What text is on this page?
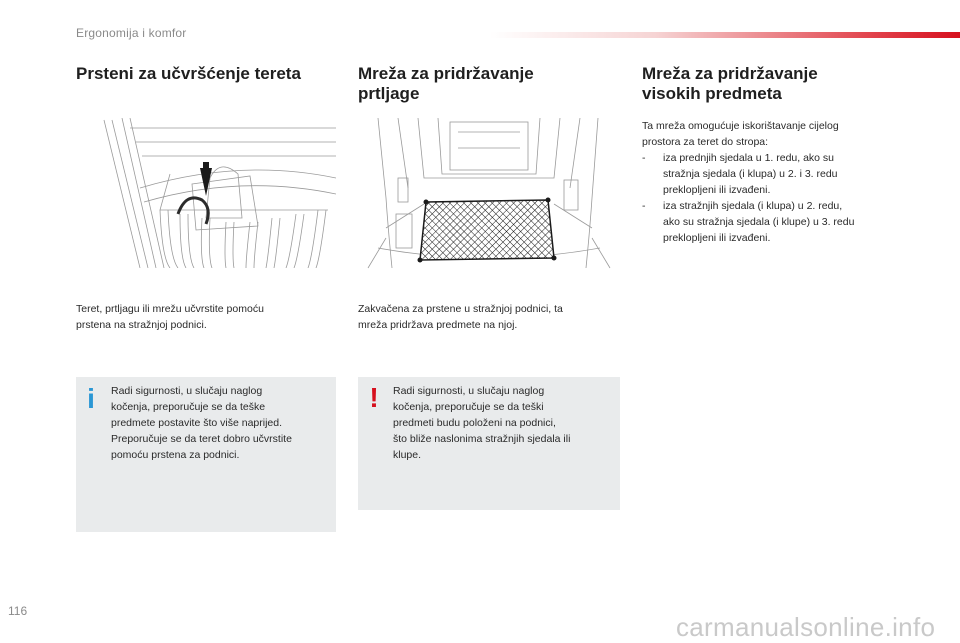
Ergonomija i komfor
Prsteni za učvršćenje tereta
Teret, prtljagu ili mrežu učvrstite pomoću
prstena na stražnjoj podnici.
i Radi sigurnosti, u slučaju naglog
kočenja, preporučuje se da teške
predmete postavite što više naprijed.
Preporučuje se da teret dobro učvrstite
pomoću prstena za podnici.
Mreža za pridržavanje
prtljage
Zakvačena za prstene u stražnjoj podnici, ta
mreža pridržava predmete na njoj.
! Radi sigurnosti, u slučaju naglog
kočenja, preporučuje se da teški
predmeti budu položeni na podnici,
što bliže naslonima stražnjih sjedala ili
klupe.
Mreža za pridržavanje
visokih predmeta
Ta mreža omogućuje iskorištavanje cijelog
prostora za teret do stropa:
- iza prednjih sjedala u 1. redu, ako su
stražnja sjedala (i klupa) u 2. i 3. redu
preklopljeni ili izvađeni.
- iza stražnjih sjedala (i klupa) u 2. redu,
ako su stražnja sjedala (i klupe) u 3. redu
preklopljeni ili izvađeni.
116
carmanualsonline.info
